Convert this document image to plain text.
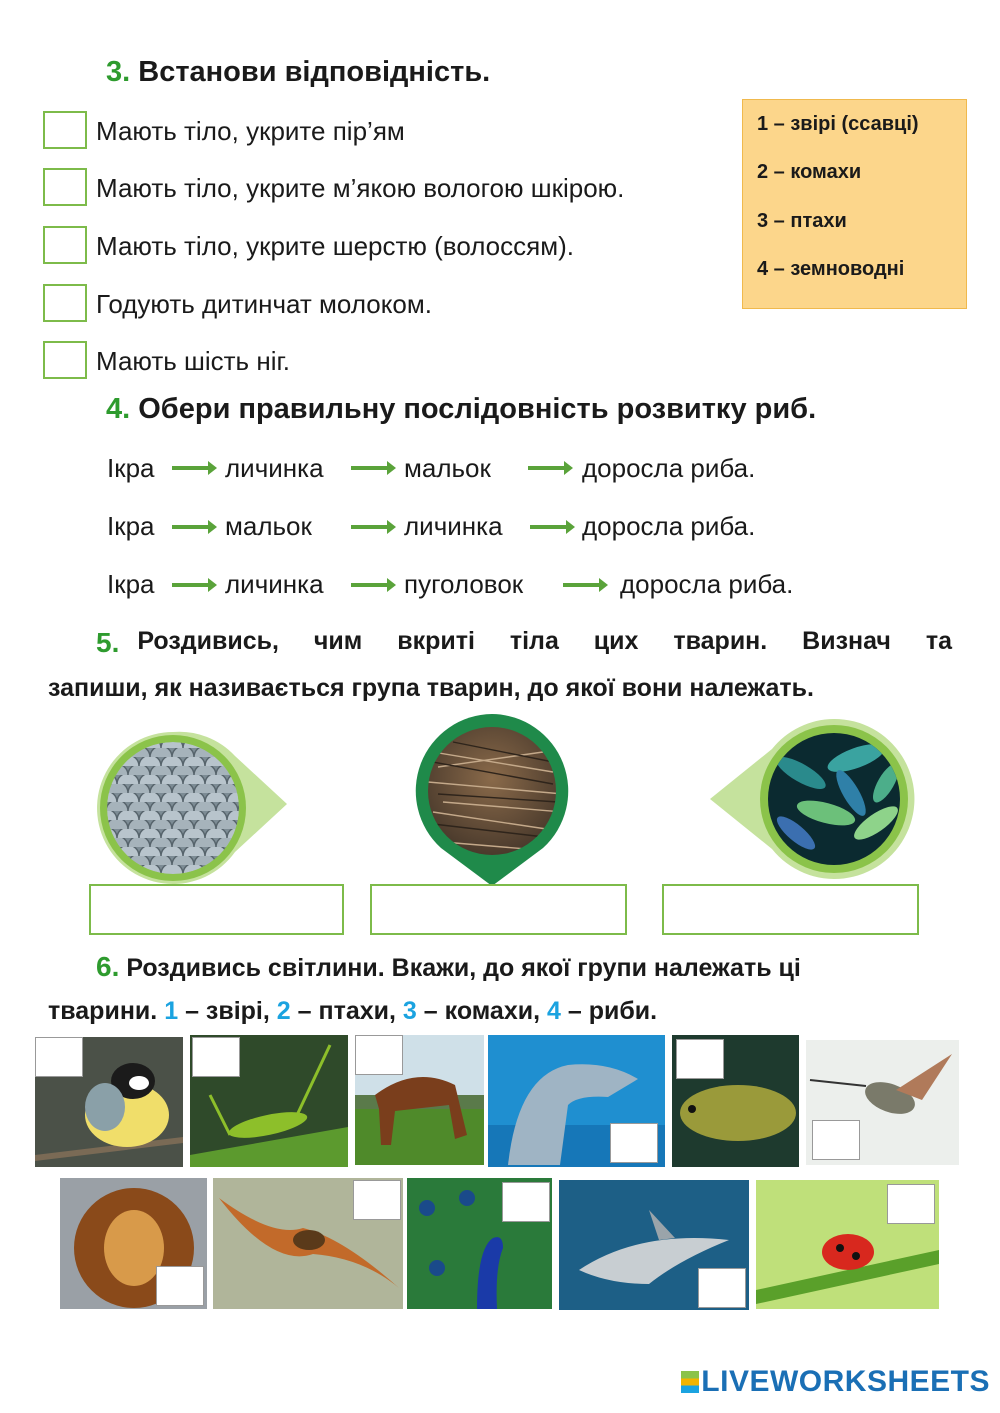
3. Встанови відповідність.
Мають тіло, укрите пір’ям
Мають тіло, укрите м’якою вологою шкірою.
Мають тіло, укрите шерстю (волоссям).
Годують дитинчат молоком.
Мають шість ніг.
1 – звірі (ссавці)
2 – комахи
3 – птахи
4 – земноводні
4. Обери правильну послідовність розвитку риб.
Ікра	личинка	мальок	доросла риба.
Ікра	мальок	личинка	доросла риба.
Ікра	личинка	пуголовок	доросла риба.
5. Роздивись, чим вкриті тіла цих тварин. Визнач та
запиши, як називається група тварин, до якої вони належать.
6. Роздивись світлини. Вкажи, до якої групи належать ці
тварини. 1 – звірі, 2 – птахи, 3 – комахи, 4 – риби.
LIVEWORKSHEETS
